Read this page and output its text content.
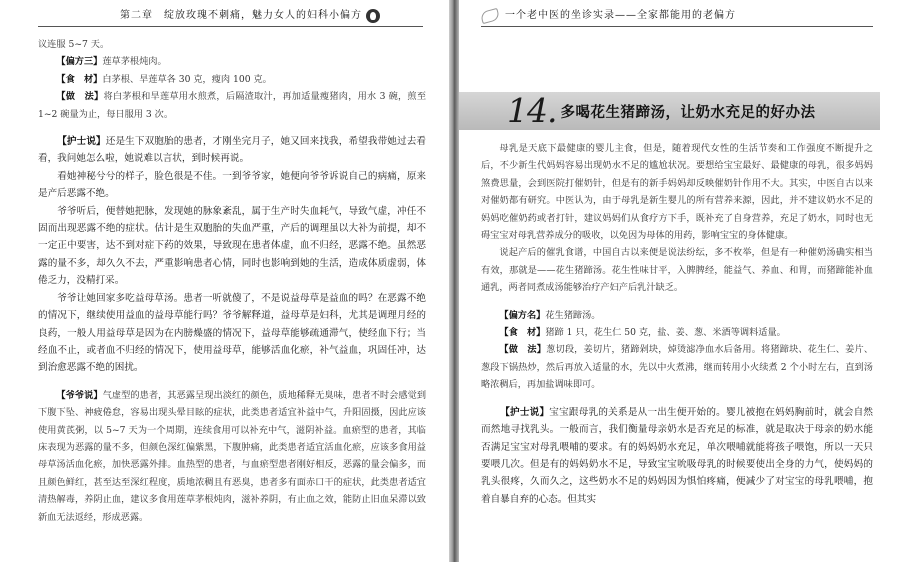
第二章　绽放玫瑰不刺痛，魅力女人的妇科小偏方

议连服 5~7 天。

【偏方三】莲草茅根炖肉。

【食　材】白茅根、旱莲草各 30 克，瘦肉 100 克。

【做　法】将白茅根和旱莲草用水煎煮，后隔渣取汁，再加适量瘦猪肉，用水 3 碗，煎至 1~2 碗量为止，每日服用 3 次。

【护士说】还是生下双胞胎的患者，才刚坐完月子，她又回来找我，希望我带她过去看看，我问她怎么啦，她说难以言状，到时候再说。

看她神秘兮兮的样子，脸色很是不佳。一到爷爷家，她便向爷爷诉说自己的病痛，原来是产后恶露不绝。

爷爷听后，便替她把脉，发现她的脉象紊乱，属于生产时失血耗气，导致气虚，冲任不固而出现恶露不绝的症状。估计是生双胞胎的失血严重，产后的调理虽以大补为前提，却不一定正中要害，达不到对症下药的效果，导致现在患者体虚，血不归经，恶露不绝。虽然恶露的量不多，却久久不去，严重影响患者心情，同时也影响到她的生活，造成体质虚弱，体倦乏力，没精打采。

爷爷让她回家多吃益母草汤。患者一听就傻了，不是说益母草是益血的吗？在恶露不绝的情况下，继续使用益血的益母草能行吗？爷爷解释道，益母草是妇科，尤其是调理月经的良药，一般人用益母草是因为在内膀燥盛的情况下，益母草能够疏通滞气，使经血下行；当经血不止，或者血不归经的情况下，使用益母草，能够活血化瘀，补气益血，巩固任冲，达到治愈恶露不绝的困扰。

【爷爷说】气虚型的患者，其恶露呈现出淡红的颜色，质地稀释无臭味，患者不时会感觉到下腹下坠、神疲倦怠，容易出现头晕目眩的症状，此类患者适宜补益中气，升阳固摄，因此应该使用黄芪粥，以 5~7 天为一个周期，连续食用可以补充中气，滋阴补益。血瘀型的患者，其临床表现为恶露的量不多，但颜色深红偏紫黑，下腹肿痛，此类患者适宜活血化瘀，应该多食用益母草汤活血化瘀，加快恶露外排。血热型的患者，与血瘀型患者刚好相反，恶露的量会偏多，而且颜色鲜红，甚至达至深红程度，质地浓稠且有恶臭，患者多有面赤口干的症状，此类患者适宜清热解毒，养阴止血，建议多食用莲草茅根炖肉，滋补养阴，有止血之效，能防止旧血呆滞以致新血无法返经，形成恶露。

一个老中医的坐诊实录——全家都能用的老偏方
14. 多喝花生猪蹄汤，让奶水充足的好办法

母乳是天底下最健康的婴儿主食，但是，随着现代女性的生活节奏和工作强度不断提升之后，不少新生代妈妈容易出现奶水不足的尴尬状况。要想给宝宝最好、最健康的母乳，很多妈妈煞费思量，会到医院打催奶针，但是有的新手妈妈却反映催奶针作用不大。其实，中医自古以来对催奶都有研究。中医认为，由于母乳是新生婴儿的所有营养来源，因此，并不建议奶水不足的妈妈吃催奶药或者打针，建议妈妈们从食疗方下手，既补充了自身营养，充足了奶水，同时也无碍宝宝对母乳营养成分的吸收，以免因为母体的用药，影响宝宝的身体健康。

说起产后的催乳食谱，中国自古以来便是说法纷纭，多不枚举，但是有一种催奶汤确实相当有效，那就是——花生猪蹄汤。花生性味甘平，入脾脾经，能益气、养血、和胃，而猪蹄能补血通乳，两者同煮成汤能够治疗产妇产后乳汁缺乏。

【偏方名】花生猪蹄汤。

【食　材】猪蹄 1 只，花生仁 50 克，盐、姜、葱、米酒等调料适量。

【做　法】葱切段，姜切片，猪蹄剁块，焯烫滤净血水后备用。将猪蹄块、花生仁、姜片、葱段下锅热炒，然后再放入适量的水，先以中火煮沸，继而转用小火续煮 2 个小时左右，直到汤略浓稠后，再加盐调味即可。

【护士说】宝宝跟母乳的关系是从一出生便开始的。婴儿被抱在妈妈胸前时，就会自然而然地寻找乳头。一般而言，我们衡量母亲奶水是否充足的标准，就是取决于母亲的奶水能否满足宝宝对母乳喂哺的要求。有的妈妈奶水充足，单次喂哺就能将孩子喂饱，所以一天只要喂几次。但是有的妈妈奶水不足，导致宝宝吮吸母乳的时候要使出全身的力气，使妈妈的乳头很疼，久而久之，这些奶水不足的妈妈因为惧怕疼痛，便减少了对宝宝的母乳喂哺，抱着自暴自弃的心态。但其实
